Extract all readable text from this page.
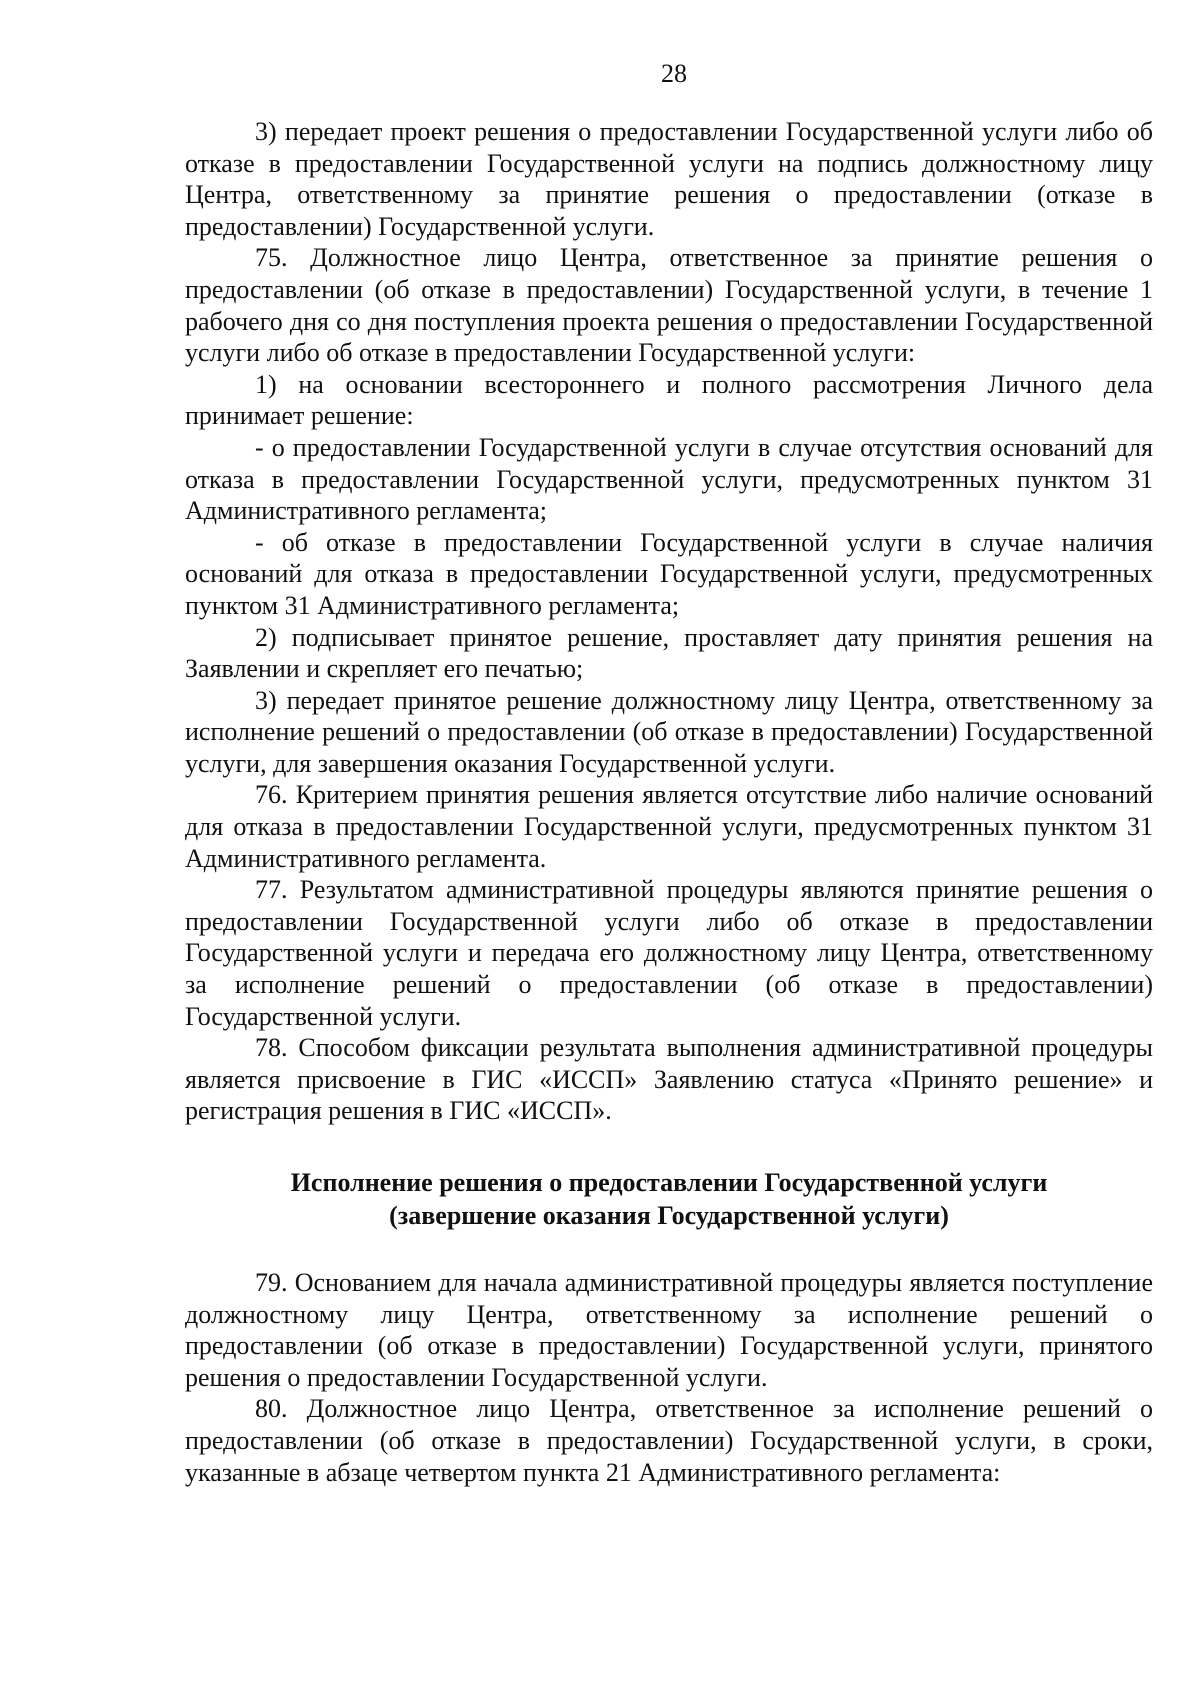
28

3) передает проект решения о предоставлении Государственной услуги либо об отказе в предоставлении Государственной услуги на подпись должностному лицу Центра, ответственному за принятие решения о предоставлении (отказе в предоставлении) Государственной услуги.

75. Должностное лицо Центра, ответственное за принятие решения о предоставлении (об отказе в предоставлении) Государственной услуги, в течение 1 рабочего дня со дня поступления проекта решения о предоставлении Государственной услуги либо об отказе в предоставлении Государственной услуги:

1) на основании всестороннего и полного рассмотрения Личного дела принимает решение:

- о предоставлении Государственной услуги в случае отсутствия оснований для отказа в предоставлении Государственной услуги, предусмотренных пунктом 31 Административного регламента;

- об отказе в предоставлении Государственной услуги в случае наличия оснований для отказа в предоставлении Государственной услуги, предусмотренных пунктом 31 Административного регламента;

2) подписывает принятое решение, проставляет дату принятия решения на Заявлении и скрепляет его печатью;

3) передает принятое решение должностному лицу Центра, ответственному за исполнение решений о предоставлении (об отказе в предоставлении) Государственной услуги, для завершения оказания Государственной услуги.

76. Критерием принятия решения является отсутствие либо наличие оснований для отказа в предоставлении Государственной услуги, предусмотренных пунктом 31 Административного регламента.

77. Результатом административной процедуры являются принятие решения о предоставлении Государственной услуги либо об отказе в предоставлении Государственной услуги и передача его должностному лицу Центра, ответственному за исполнение решений о предоставлении (об отказе в предоставлении) Государственной услуги.

78. Способом фиксации результата выполнения административной процедуры является присвоение в ГИС «ИССП» Заявлению статуса «Принято решение» и регистрация решения в ГИС «ИССП».

Исполнение решения о предоставлении Государственной услуги
(завершение оказания Государственной услуги)

79. Основанием для начала административной процедуры является поступление должностному лицу Центра, ответственному за исполнение решений о предоставлении (об отказе в предоставлении) Государственной услуги, принятого решения о предоставлении Государственной услуги.

80. Должностное лицо Центра, ответственное за исполнение решений о предоставлении (об отказе в предоставлении) Государственной услуги, в сроки, указанные в абзаце четвертом пункта 21 Административного регламента:
